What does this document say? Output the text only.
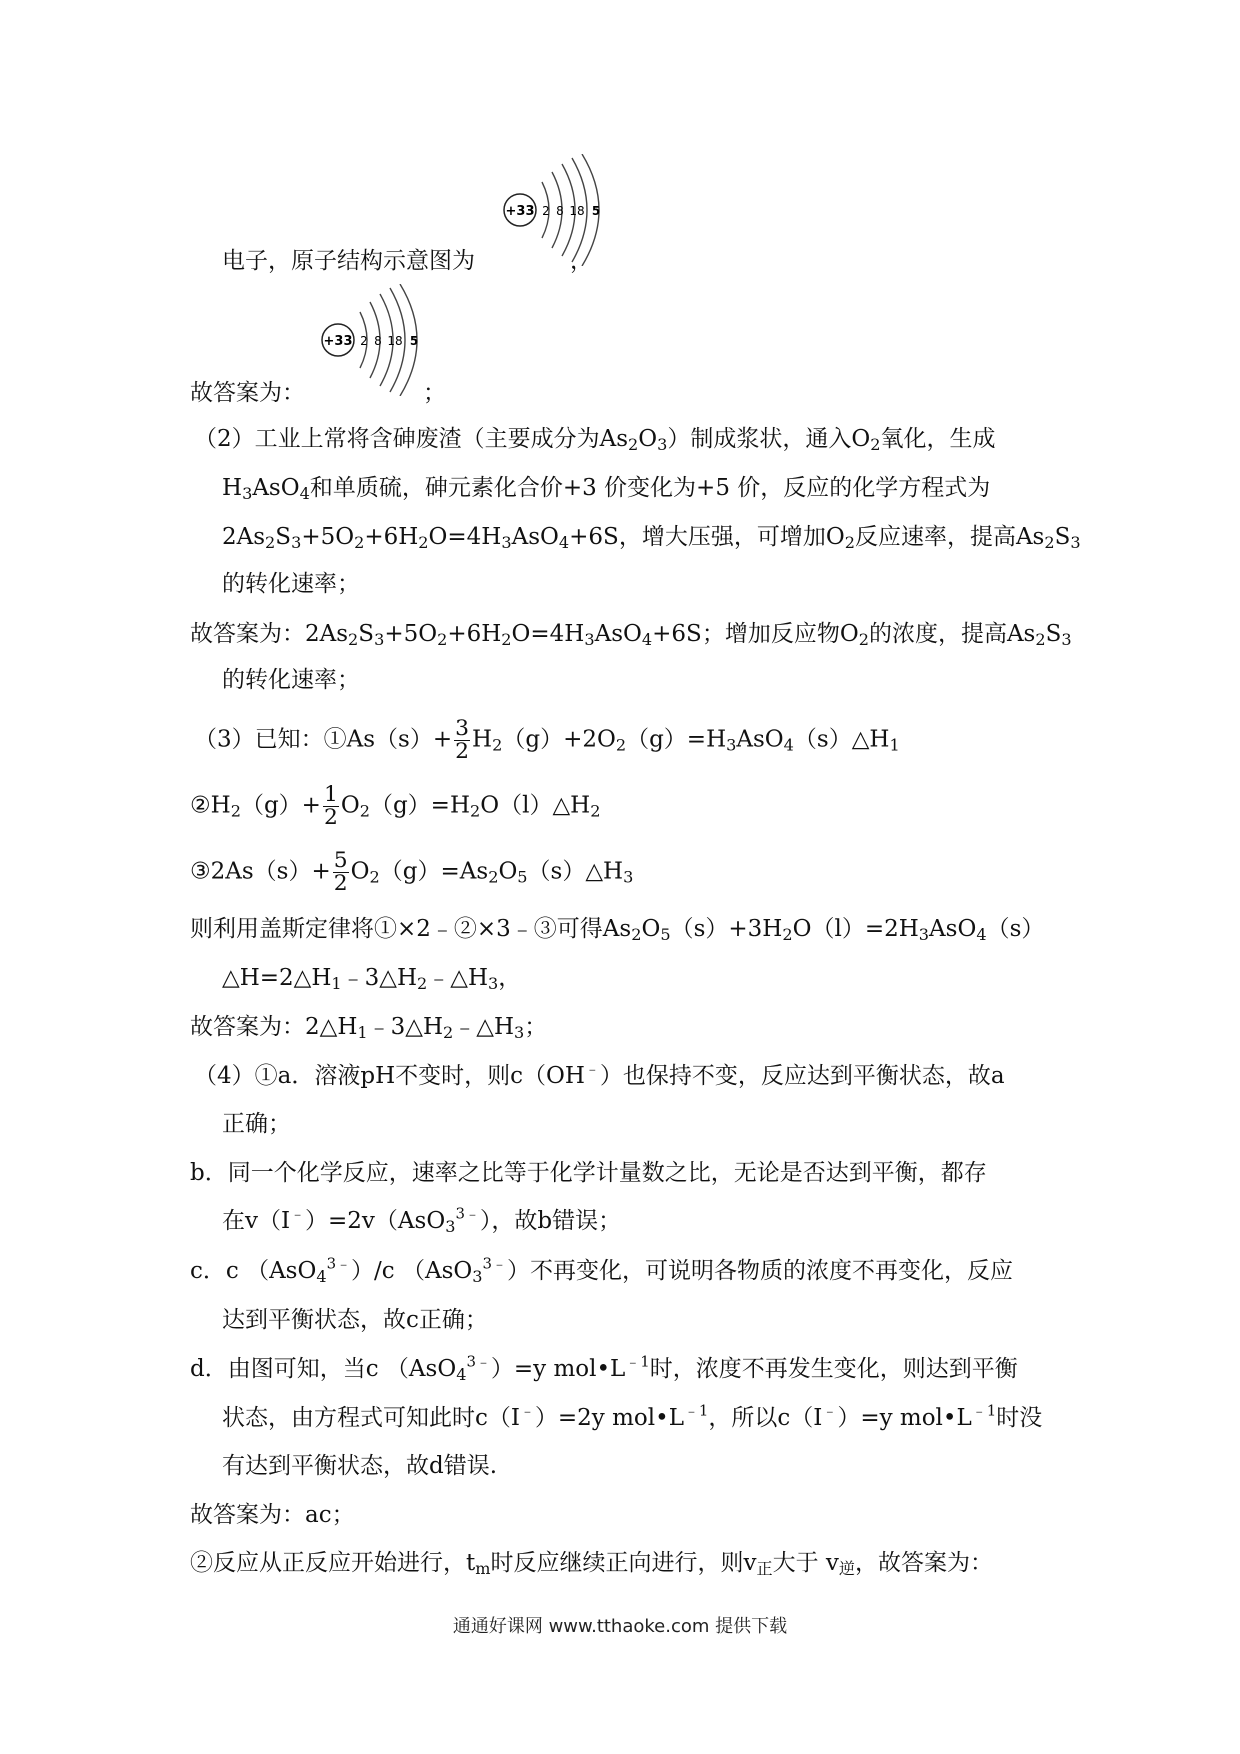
+33 2 8 18 5
+33 2 8 18 5
电子，原子结构示意图为	，
故答案为：	；
（2）工业上常将含砷废渣（主要成分为$As_2O_3$）制成浆状，通入$O_2$氧化，生成
$H_3AsO_4$和单质硫，砷元素化合价+3 价变化为+5 价，反应的化学方程式为
$2As_2S_3+5O_2+6H_2O=4H_3AsO_4+6S$，增大压强，可增加$O_2$反应速率，提高$As_2S_3$
的转化速率；
故答案为：$2As_2S_3+5O_2+6H_2O=4H_3AsO_4+6S$；增加反应物$O_2$的浓度，提高$As_2S_3$
的转化速率；
（3）已知：①As（s）+ $\frac{3}{2}$ $H_2(g)+2O_2(g)=H_3AsO_4(s)\triangle H_1$
$②H_2(g)+ \frac{1}{2}$ $O_2(g)=H_2O(l)\triangle H_2$
③2As（s）+ $\frac{5}{2}$ $O_2(g)=As_2O_5(s)\triangle H_3$
则利用盖斯定律将①×2﹣②×3﹣③可得$As_2O_5(s)+3H_2O(l)=2H_3AsO_4(s)$
$\triangle H=2\triangle H_1﹣3\triangle H_2﹣\triangle H_3$，
故答案为：$2\triangle H_1﹣3\triangle H_2﹣\triangle H_3$；
（4）①a．溶液pH不变时，则c（OH﹣）也保持不变，反应达到平衡状态，故a
正确；
b．同一个化学反应，速率之比等于化学计量数之比，无论是否达到平衡，都存
在v（I﹣）=2v（AsO$_3^{3﹣}$），故b错误；
c．c （AsO$_4^{3﹣}$）/c （AsO$_3^{3﹣}$）不再变化，可说明各物质的浓度不再变化，反应
达到平衡状态，故c正确；
d．由图可知，当c （AsO$_4^{3﹣}$）=y $mol•L^{﹣1}$时，浓度不再发生变化，则达到平衡
状态，由方程式可知此时c（I﹣）=2y $mol•L^{﹣1}$，所以c（I﹣）=y $mol•L^{﹣1}$时没
有达到平衡状态，故d错误.
故答案为：ac；
②反应从正反应开始进行，$t_m$时反应继续正向进行，则$v_正$大于 $v_逆$，故答案为：
通通好课网 www.tthaoke.com 提供下载
